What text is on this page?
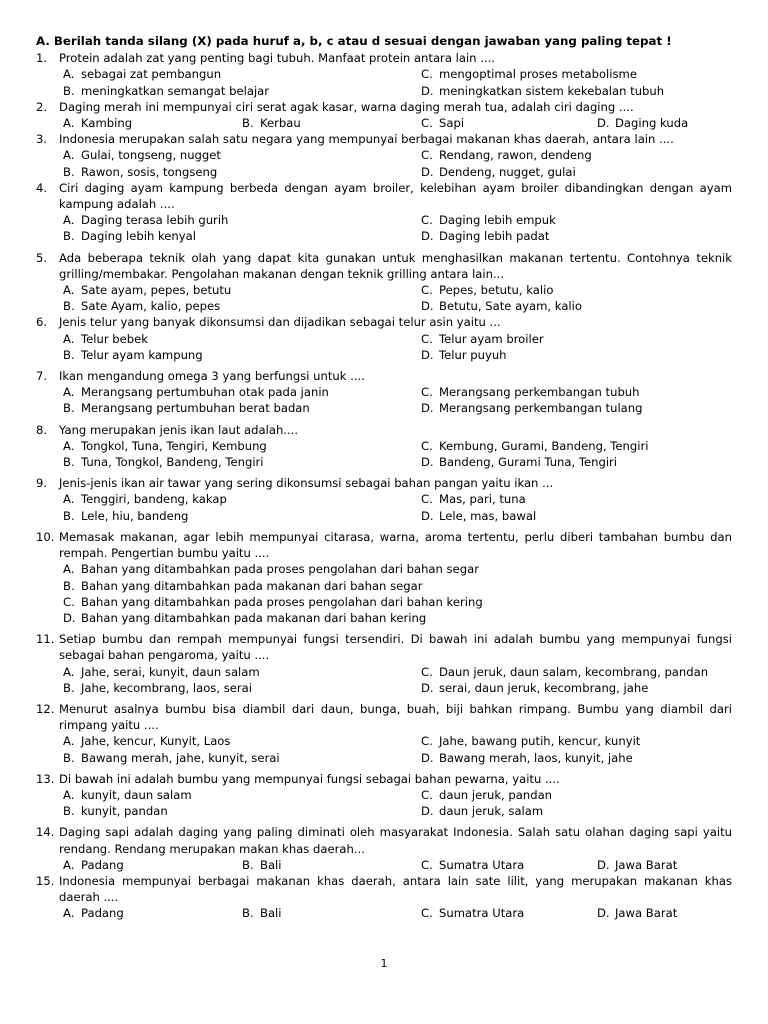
A. Berilah tanda silang (X) pada huruf a, b, c atau d sesuai dengan jawaban yang paling tepat !
1. Protein adalah zat yang penting bagi tubuh. Manfaat protein antara lain ....
A. sebagai zat pembangun	C. mengoptimal proses metabolisme
B. meningkatkan semangat belajar	D. meningkatkan sistem kekebalan tubuh
2. Daging merah ini mempunyai ciri serat agak kasar, warna daging merah tua, adalah ciri daging ....
A. Kambing	B. Kerbau	C. Sapi	D. Daging kuda
3. Indonesia merupakan salah satu negara yang mempunyai berbagai makanan khas daerah, antara lain ....
A. Gulai, tongseng, nugget	C. Rendang, rawon, dendeng
B. Rawon, sosis, tongseng	D. Dendeng, nugget, gulai
4. Ciri daging ayam kampung berbeda dengan ayam broiler, kelebihan ayam broiler dibandingkan dengan ayam kampung adalah ....
A. Daging terasa lebih gurih	C. Daging lebih empuk
B. Daging lebih kenyal	D. Daging lebih padat
5. Ada beberapa teknik olah yang dapat kita gunakan untuk menghasilkan makanan tertentu. Contohnya teknik grilling/membakar. Pengolahan makanan dengan teknik grilling antara lain...
A. Sate ayam, pepes, betutu	C. Pepes, betutu, kalio
B. Sate Ayam, kalio, pepes	D. Betutu, Sate ayam, kalio
6. Jenis telur yang banyak dikonsumsi dan dijadikan sebagai telur asin yaitu ...
A. Telur bebek	C. Telur ayam broiler
B. Telur ayam kampung	D. Telur puyuh
7. Ikan mengandung omega 3 yang berfungsi untuk ....
A. Merangsang pertumbuhan otak pada janin	C. Merangsang perkembangan tubuh
B. Merangsang pertumbuhan berat badan	D. Merangsang perkembangan tulang
8. Yang merupakan jenis ikan laut adalah....
A. Tongkol, Tuna, Tengiri, Kembung	C. Kembung, Gurami, Bandeng, Tengiri
B. Tuna, Tongkol, Bandeng, Tengiri	D. Bandeng, Gurami Tuna, Tengiri
9. Jenis-jenis ikan air tawar yang sering dikonsumsi sebagai bahan pangan yaitu ikan ...
A. Tenggiri, bandeng, kakap	C. Mas, pari, tuna
B. Lele, hiu, bandeng	D. Lele, mas, bawal
10. Memasak makanan, agar lebih mempunyai citarasa, warna, aroma tertentu, perlu diberi tambahan bumbu dan rempah. Pengertian bumbu yaitu ....
A. Bahan yang ditambahkan pada proses pengolahan dari bahan segar
B. Bahan yang ditambahkan pada makanan dari bahan segar
C. Bahan yang ditambahkan pada proses pengolahan dari bahan kering
D. Bahan yang ditambahkan pada makanan dari bahan kering
11. Setiap bumbu dan rempah mempunyai fungsi tersendiri. Di bawah ini adalah bumbu yang mempunyai fungsi sebagai bahan pengaroma, yaitu ....
A. Jahe, serai, kunyit, daun salam	C. Daun jeruk, daun salam, kecombrang, pandan
B. Jahe, kecombrang, laos, serai	D. serai, daun jeruk, kecombrang, jahe
12. Menurut asalnya bumbu bisa diambil dari daun, bunga, buah, biji bahkan rimpang. Bumbu yang diambil dari rimpang yaitu ....
A. Jahe, kencur, Kunyit, Laos	C. Jahe, bawang putih, kencur, kunyit
B. Bawang merah, jahe, kunyit, serai	D. Bawang merah, laos, kunyit, jahe
13. Di bawah ini adalah bumbu yang mempunyai fungsi sebagai bahan pewarna, yaitu ....
A. kunyit, daun salam	C. daun jeruk, pandan
B. kunyit, pandan	D. daun jeruk, salam
14. Daging sapi adalah daging yang paling diminati oleh masyarakat Indonesia. Salah satu olahan daging sapi yaitu rendang. Rendang merupakan makan khas daerah...
A. Padang	B. Bali	C. Sumatra Utara	D. Jawa Barat
15. Indonesia mempunyai berbagai makanan khas daerah, antara lain sate lilit, yang merupakan makanan khas daerah ....
A. Padang	B. Bali	C. Sumatra Utara	D. Jawa Barat
1
